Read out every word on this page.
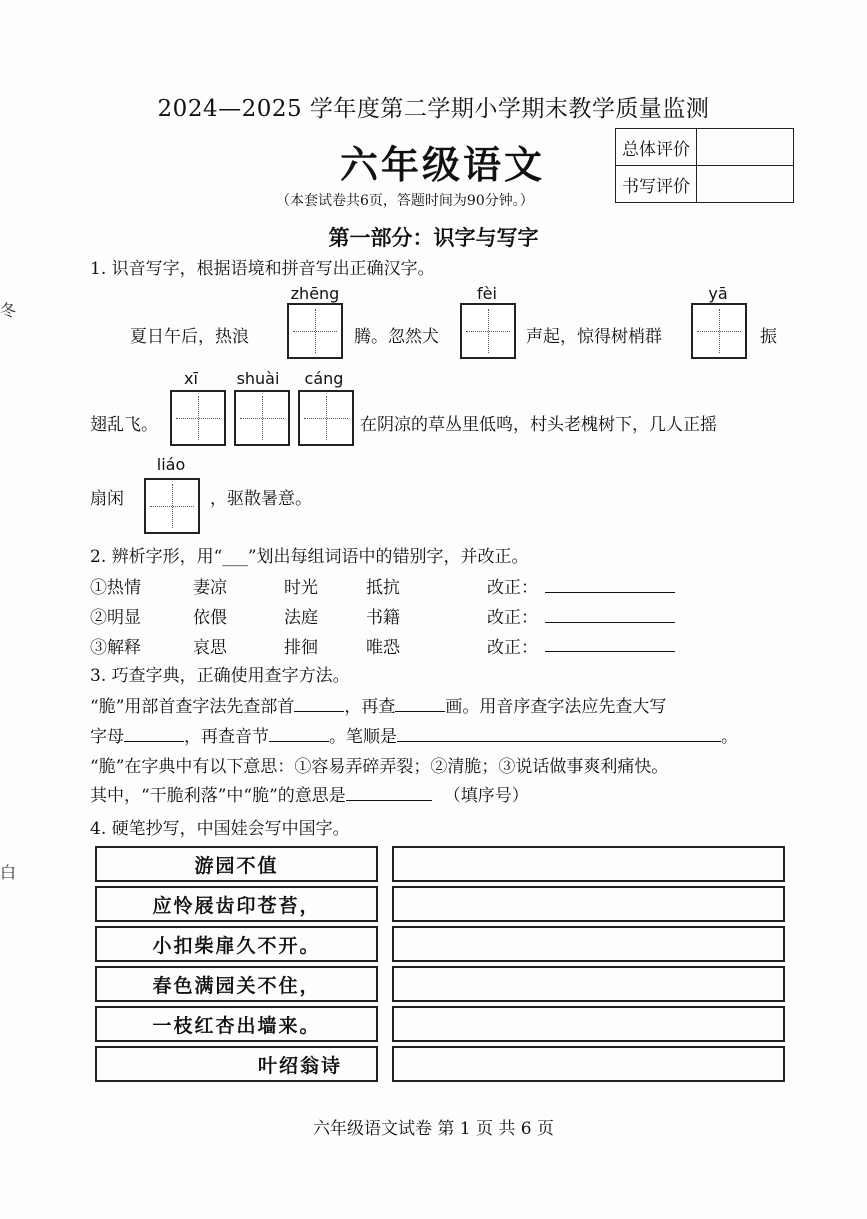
2024—2025 学年度第二学期小学期末教学质量监测
六年级语文
（本套试卷共6页，答题时间为90分钟。）
总体评价	
书写评价	
第一部分：识字与写字
冬
白
1. 识音写字，根据语境和拼音写出正确汉字。
zhēng	fèi	yā
夏日午后，热浪	腾。忽然犬	声起，惊得树梢群	振
xī	shuài	cáng
翅乱飞。	在阴凉的草丛里低鸣，村头老槐树下，几人正摇
liáo
扇闲	，驱散暑意。
2. 辨析字形，用“___”划出每组词语中的错别字，并改正。
①热情	妻凉	时光	抵抗	改正：
②明显	依偎	法庭	书籍	改正：
③解释	哀思	排徊	唯恐	改正：
3. 巧查字典，正确使用查字方法。
“脆”用部首查字法先查部首	，再查	画。用音序查字法应先查大写
字母	，再查音节	。笔顺是	。
“脆”在字典中有以下意思：①容易弄碎弄裂；②清脆；③说话做事爽利痛快。
其中，“干脆利落”中“脆”的意思是	（填序号）
4. 硬笔抄写，中国娃会写中国字。
游园不值
应怜屐齿印苍苔，
小扣柴扉久不开。
春色满园关不住，
一枝红杏出墙来。
叶绍翁诗
六年级语文试卷 第 1 页 共 6 页
